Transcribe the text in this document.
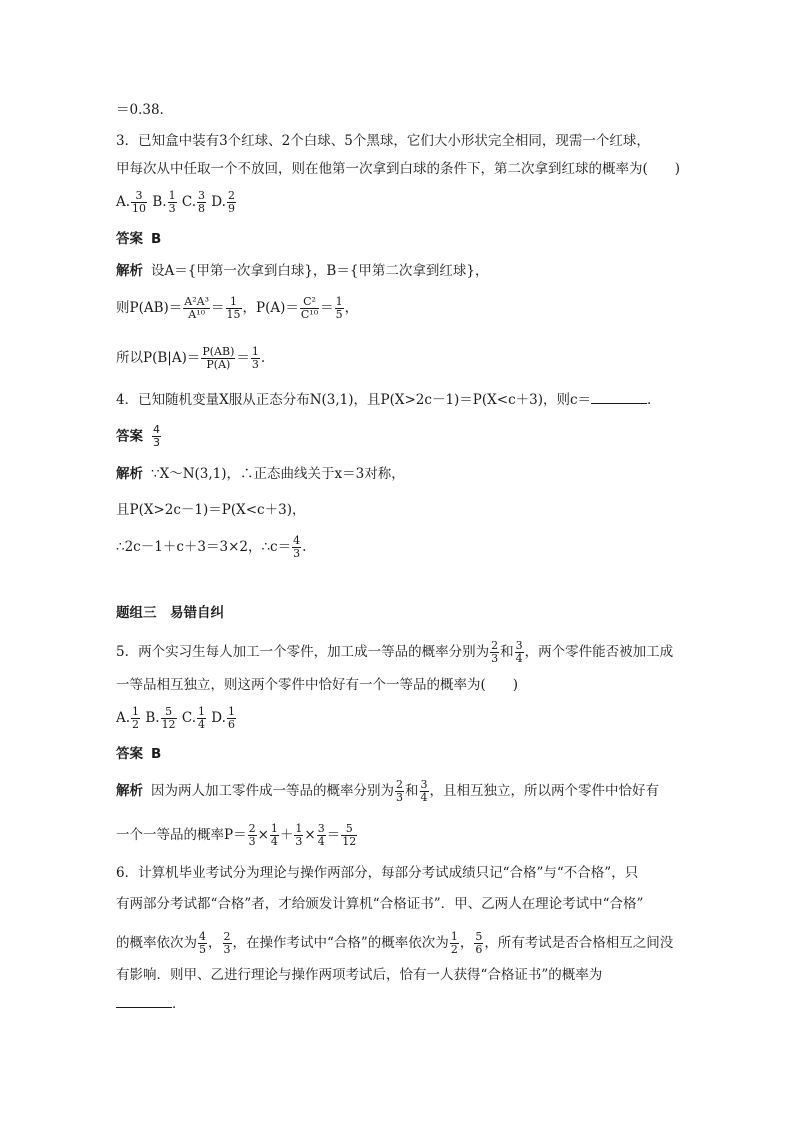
＝0.38.
3．已知盒中装有3个红球、2个白球、5个黑球，它们大小形状完全相同，现需一个红球，
甲每次从中任取一个不放回，则在他第一次拿到白球的条件下，第二次拿到红球的概率为(　　)
A. $\frac{3}{10} B$. $\frac{1}{3} C$. $\frac{3}{8} D$. $\frac{2}{9}$
答案 B
解析 设A＝{甲第一次拿到白球}，B＝{甲第二次拿到红球}，
则$P(AB)= \frac{\text{A²A³}}{\text{A¹⁰}} = \frac{1}{15}$ ，$P(A)= \frac{\text{C²}}{\text{C¹⁰}} = \frac{1}{5}$ ，
所以$P(B|A)= \frac{P(AB)}{P(A)} = \frac{1}{3}$ .
4．已知随机变量X服从正态分布N(3,1)，且P(X>2c－1)＝P(X<c＋3)，则c＝	.
答案 $\frac{4}{3}$
解析 ∵X～N(3,1)，∴正态曲线关于x＝3对称，
且P(X>2c－1)＝P(X<c＋3)，
∴2c－1＋c＋3＝3×2，∴c＝ $\frac{4}{3}$ .
题组三　易错自纠
5．两个实习生每人加工一个零件，加工成一等品的概率分别为 $\frac{2}{3}$ 和 $\frac{3}{4}$ ，两个零件能否被加工成
一等品相互独立，则这两个零件中恰好有一个一等品的概率为(　　)
A. $\frac{1}{2} B$. $\frac{5}{12} C$. $\frac{1}{4} D$. $\frac{1}{6}$
答案 B
解析 因为两人加工零件成一等品的概率分别为 $\frac{2}{3}$ 和 $\frac{3}{4}$ ，且相互独立，所以两个零件中恰好有
一个一等品的概率$P= \frac{2}{3} \times \frac{1}{4} + \frac{1}{3} \times \frac{3}{4} = \frac{5}{12}$
6．计算机毕业考试分为理论与操作两部分，每部分考试成绩只记“合格”与“不合格”，只
有两部分考试都“合格”者，才给颁发计算机“合格证书”．甲、乙两人在理论考试中“合格”
的概率依次为 $\frac{4}{5}$ ， $\frac{2}{3}$ ，在操作考试中“合格”的概率依次为 $\frac{1}{2}$ ， $\frac{5}{6}$ ，所有考试是否合格相互之间没
有影响．则甲、乙进行理论与操作两项考试后，恰有一人获得“合格证书”的概率为
．
